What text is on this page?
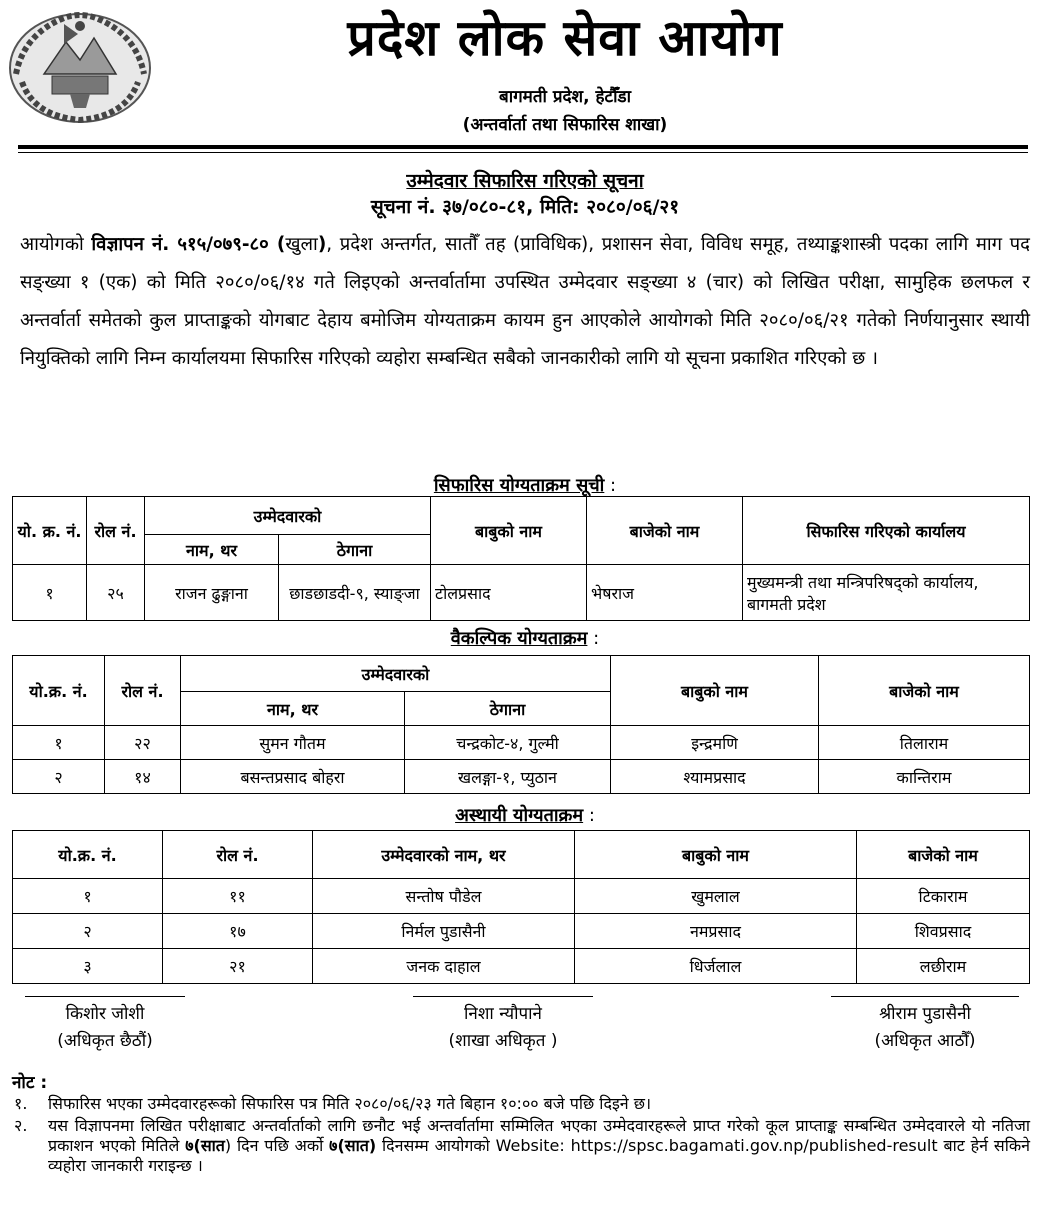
प्रदेश लोक सेवा आयोग
बागमती प्रदेश, हेटौँडा
(अन्तर्वार्ता तथा सिफारिस शाखा)
उम्मेदवार सिफारिस गरिएको सूचना
सूचना नं. ३७/०८०-८१, मिति: २०८०/०६/२१
आयोगको विज्ञापन नं. ५१५/०७९-८० (खुला), प्रदेश अन्तर्गत, सातौँ तह (प्राविधिक), प्रशासन सेवा, विविध समूह, तथ्याङ्कशास्त्री पदका लागि माग पद सङ्ख्या १ (एक) को मिति २०८०/०६/१४ गते लिइएको अन्तर्वार्तामा उपस्थित उम्मेदवार सङ्ख्या ४ (चार) को लिखित परीक्षा, सामुहिक छलफल र अन्तर्वार्ता समेतको कुल प्राप्ताङ्कको योगबाट देहाय बमोजिम योग्यताक्रम कायम हुन आएकोले आयोगको मिति २०८०/०६/२१ गतेको निर्णयानुसार स्थायी नियुक्तिको लागि निम्न कार्यालयमा सिफारिस गरिएको व्यहोरा सम्बन्धित सबैको जानकारीको लागि यो सूचना प्रकाशित गरिएको छ ।
सिफारिस योग्यताक्रम सूची :
यो. क्र. नं.	रोल नं.	उम्मेदवारको		बाबुको नाम	बाजेको नाम	सिफारिस गरिएको कार्यालय
		नाम, थर	ठेगाना			
१	२५	राजन ढुङ्गाना	छाडछाडदी-९, स्याङ्जा	टोलप्रसाद	भेषराज	मुख्यमन्त्री तथा मन्त्रिपरिषद्को कार्यालय, बागमती प्रदेश
वैकल्पिक योग्यताक्रम :
यो.क्र. नं.	रोल नं.	उम्मेदवारको		बाबुको नाम	बाजेको नाम
		नाम, थर	ठेगाना		
१	२२	सुमन गौतम	चन्द्रकोट-४, गुल्मी	इन्द्रमणि	तिलाराम
२	१४	बसन्तप्रसाद बोहरा	खलङ्गा-१, प्युठान	श्यामप्रसाद	कान्तिराम
अस्थायी योग्यताक्रम :
यो.क्र. नं.	रोल नं.	उम्मेदवारको नाम, थर	बाबुको नाम	बाजेको नाम
१	११	सन्तोष पौडेल	खुमलाल	टिकाराम
२	१७	निर्मल पुडासैनी	नमप्रसाद	शिवप्रसाद
३	२१	जनक दाहाल	धिर्जलाल	लछीराम
किशोर जोशी
(अधिकृत छैठौं)
निशा न्यौपाने
(शाखा अधिकृत )
श्रीराम पुडासैनी
(अधिकृत आठौँ)
नोट :
१. सिफारिस भएका उम्मेदवारहरूको सिफारिस पत्र मिति २०८०/०६/२३ गते बिहान १०:०० बजे पछि दिइने छ।
२. यस विज्ञापनमा लिखित परीक्षाबाट अन्तर्वार्ताको लागि छनौट भई अन्तर्वार्तामा सम्मिलित भएका उम्मेदवारहरूले प्राप्त गरेको कूल प्राप्ताङ्क सम्बन्धित उम्मेदवारले यो नतिजा प्रकाशन भएको मितिले ७(सात) दिन पछि अर्को ७(सात) दिनसम्म आयोगको Website: https://spsc.bagamati.gov.np/published-result बाट हेर्न सकिने व्यहोरा जानकारी गराइन्छ ।
